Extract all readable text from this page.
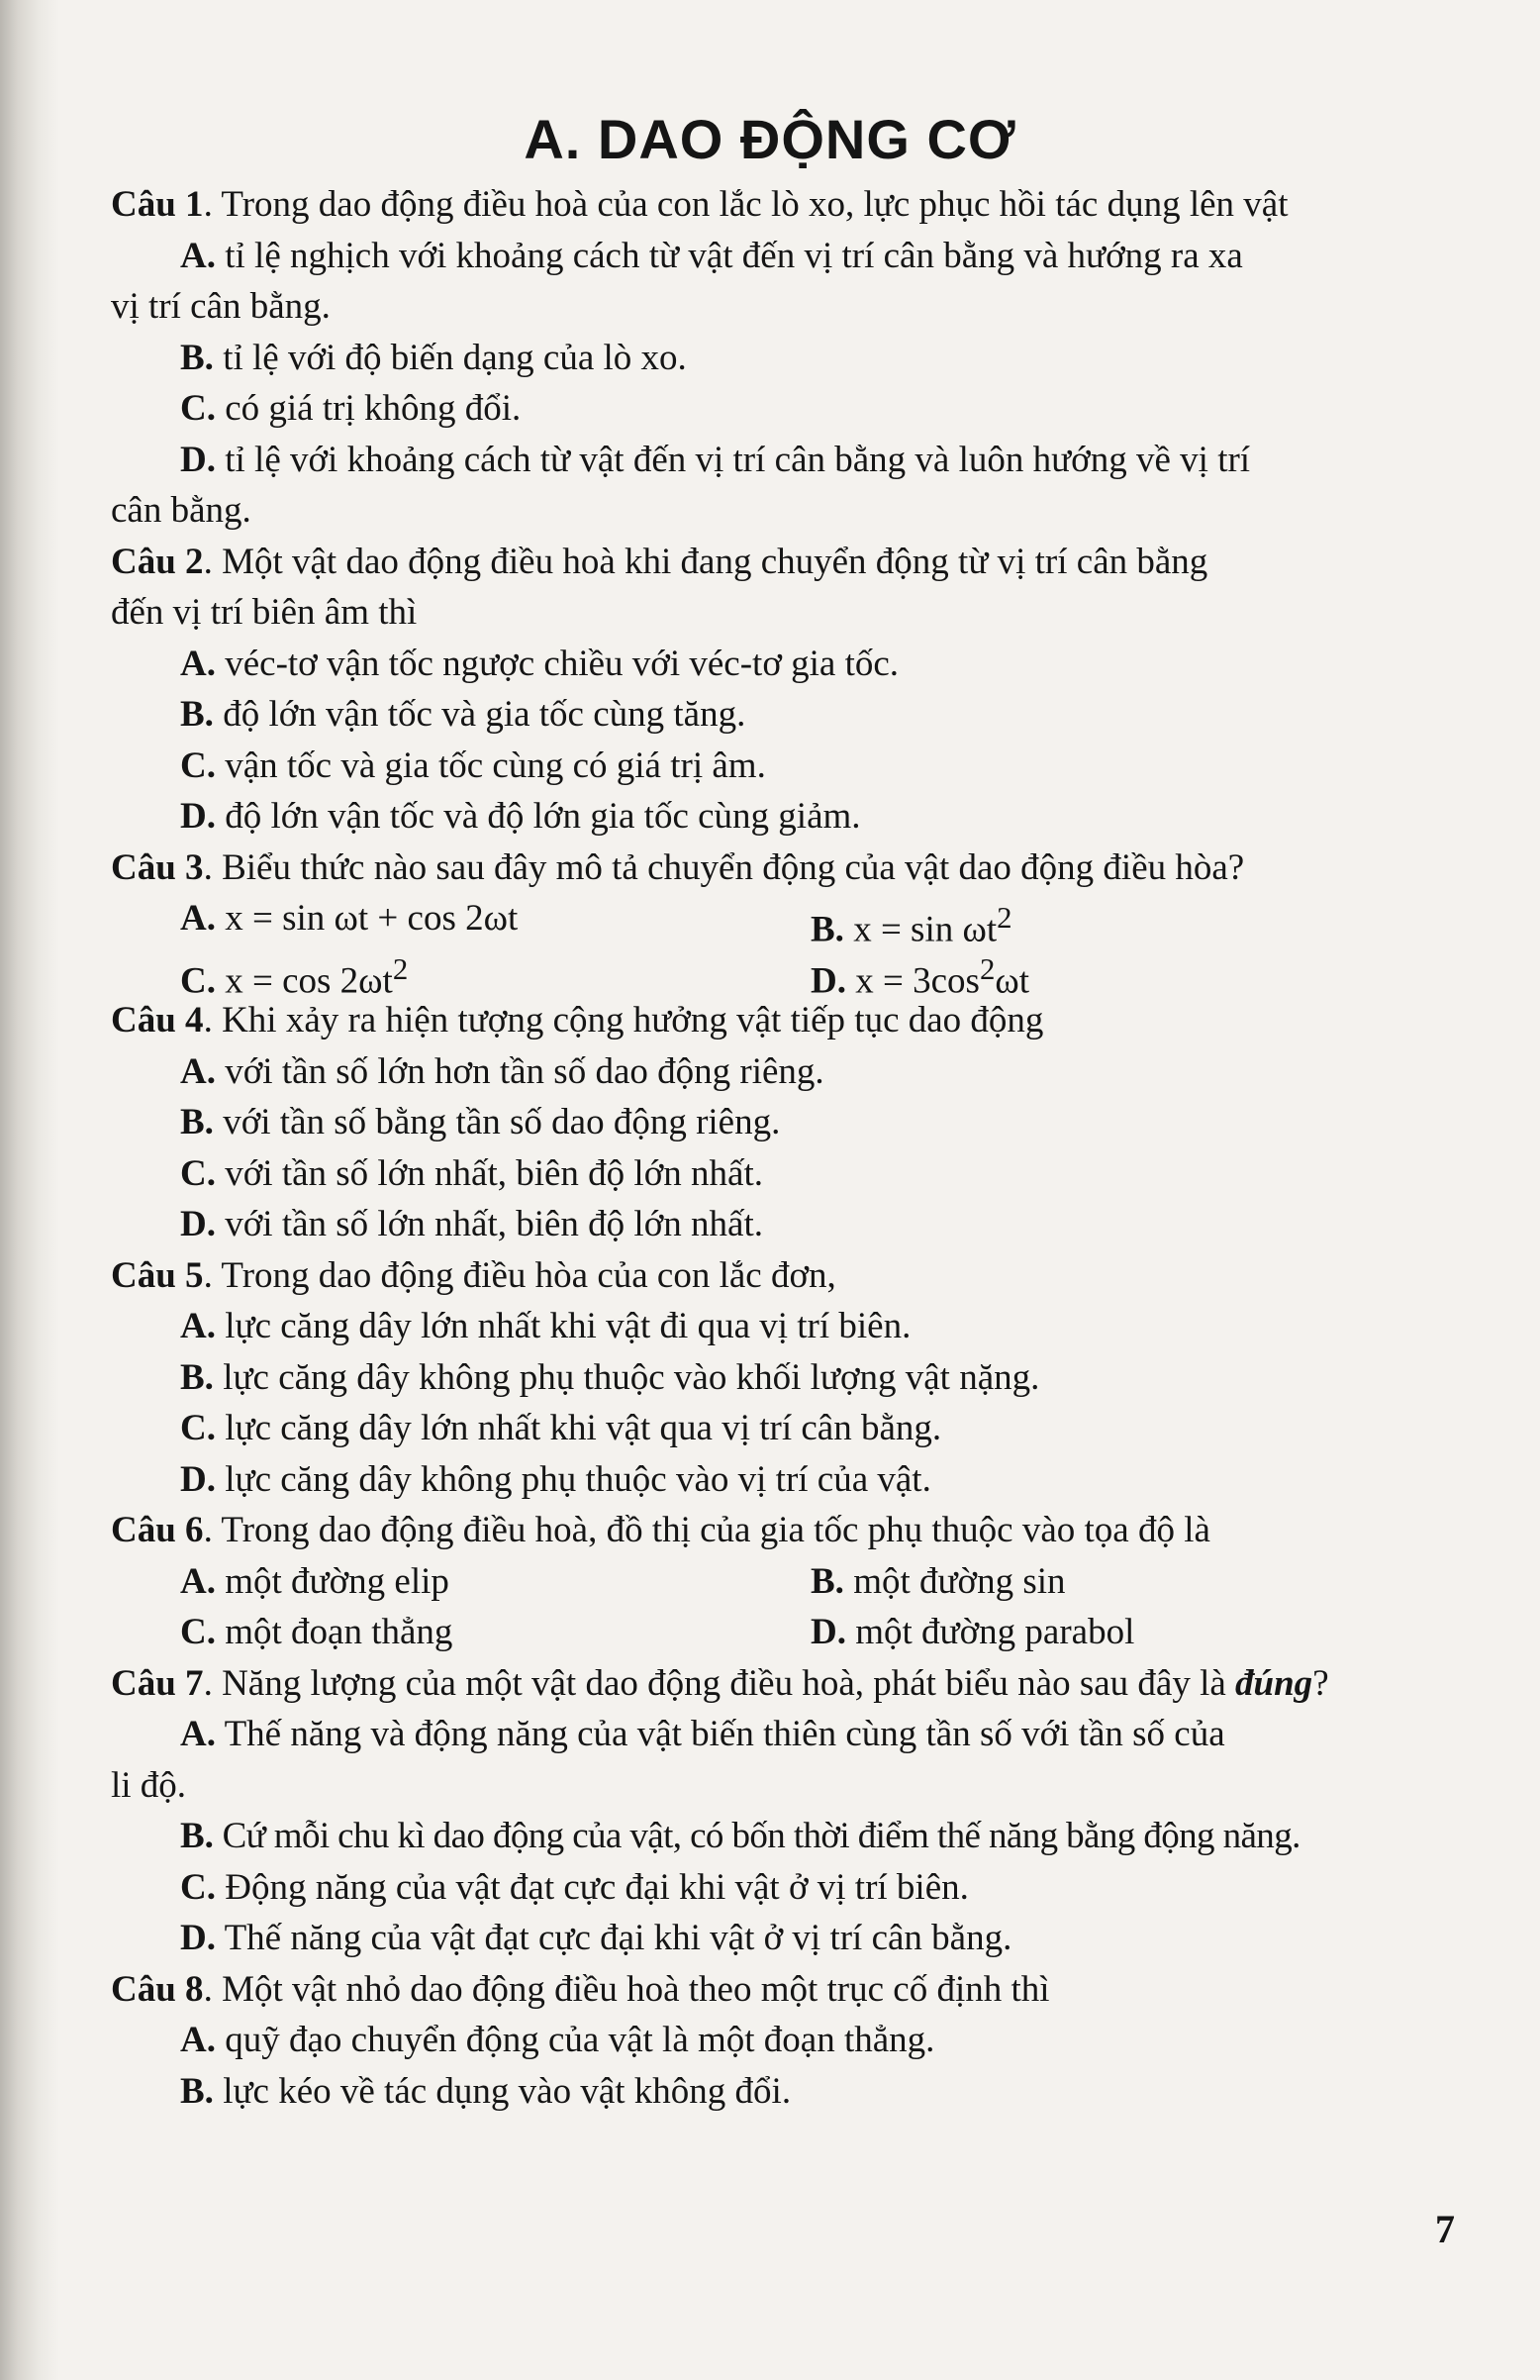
A. DAO ĐỘNG CƠ
Câu 1. Trong dao động điều hoà của con lắc lò xo, lực phục hồi tác dụng lên vật
A. tỉ lệ nghịch với khoảng cách từ vật đến vị trí cân bằng và hướng ra xa
vị trí cân bằng.
B. tỉ lệ với độ biến dạng của lò xo.
C. có giá trị không đổi.
D. tỉ lệ với khoảng cách từ vật đến vị trí cân bằng và luôn hướng về vị trí
cân bằng.
Câu 2. Một vật dao động điều hoà khi đang chuyển động từ vị trí cân bằng
đến vị trí biên âm thì
A. véc-tơ vận tốc ngược chiều với véc-tơ gia tốc.
B. độ lớn vận tốc và gia tốc cùng tăng.
C. vận tốc và gia tốc cùng có giá trị âm.
D. độ lớn vận tốc và độ lớn gia tốc cùng giảm.
Câu 3. Biểu thức nào sau đây mô tả chuyển động của vật dao động điều hòa?
A. x = sin ωt + cos 2ωt	B. $x = \sin \omega t^2$
C. $x = \cos 2\omega t^2$	D. $x = 3\cos^2\omega t$
Câu 4. Khi xảy ra hiện tượng cộng hưởng vật tiếp tục dao động
A. với tần số lớn hơn tần số dao động riêng.
B. với tần số bằng tần số dao động riêng.
C. với tần số lớn nhất, biên độ lớn nhất.
D. với tần số lớn nhất, biên độ lớn nhất.
Câu 5. Trong dao động điều hòa của con lắc đơn,
A. lực căng dây lớn nhất khi vật đi qua vị trí biên.
B. lực căng dây không phụ thuộc vào khối lượng vật nặng.
C. lực căng dây lớn nhất khi vật qua vị trí cân bằng.
D. lực căng dây không phụ thuộc vào vị trí của vật.
Câu 6. Trong dao động điều hoà, đồ thị của gia tốc phụ thuộc vào tọa độ là
A. một đường elip	B. một đường sin
C. một đoạn thẳng	D. một đường parabol
Câu 7. Năng lượng của một vật dao động điều hoà, phát biểu nào sau đây là đúng?
A. Thế năng và động năng của vật biến thiên cùng tần số với tần số của
li độ.
B. Cứ mỗi chu kì dao động của vật, có bốn thời điểm thế năng bằng động năng.
C. Động năng của vật đạt cực đại khi vật ở vị trí biên.
D. Thế năng của vật đạt cực đại khi vật ở vị trí cân bằng.
Câu 8. Một vật nhỏ dao động điều hoà theo một trục cố định thì
A. quỹ đạo chuyển động của vật là một đoạn thẳng.
B. lực kéo về tác dụng vào vật không đổi.
7
